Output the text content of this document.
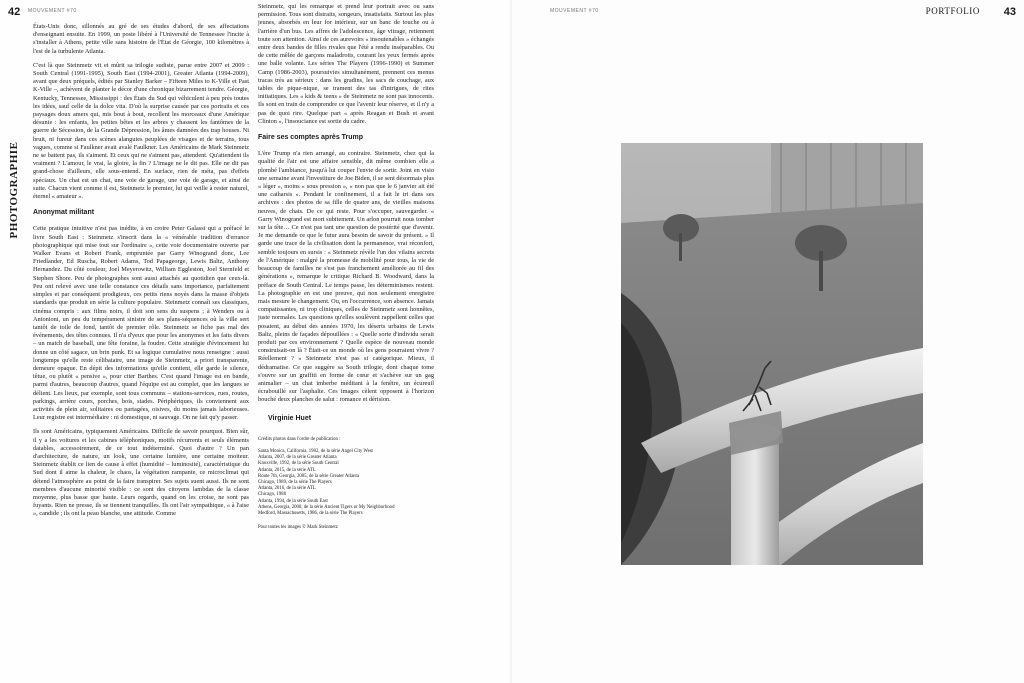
42 MOUVEMENT #70
PHOTOGRAPHIE

États-Unis donc, sillonnés au gré de ses études d'abord, de ses affectations d'enseignant ensuite. En 1999, un poste libéré à l'Université de Tennessee l'incite à s'installer à Athens, petite ville sans histoire de l'État de Géorgie, 100 kilomètres à l'est de la turbulente Atlanta.

C'est là que Steinmetz vit et mûrit sa trilogie sudiste, parue entre 2007 et 2009 : South Central (1991-1995), South East (1994-2001), Greater Atlanta (1994-2009), avant que deux préquels, édités par Stanley Barker – Fifteen Miles to K-Ville et Past K-Ville –, achèvent de planter le décor d'une chronique bizarrement tendre. Géorgie, Kentucky, Tennessee, Mississippi : des États du Sud qui véhiculent à peu près toutes les idées, sauf celle de la dolce vita. D'où la surprise causée par ces portraits et ces paysages doux amers qui, mis bout à bout, recollent les morceaux d'une Amérique désunie : les enfants, les petites bêtes et les arbres y chassent les fantômes de la guerre de Sécession, de la Grande Dépression, les âmes damnées des trap houses. Ni bruit, ni fureur dans ces scènes alanguies peuplées de visages et de terrains, tous vagues, comme si Faulkner avait avalé Faulkner. Les Américains de Mark Steinmetz ne se battent pas, ils s'aiment. Et ceux qui ne s'aiment pas, attendent. Qu'attendent ils vraiment ? L'amour, le vrai, la gloire, la fin ? L'image ne le dit pas. Elle ne dit pas grand-chose d'ailleurs, elle sous-entend. En surface, rien de méta, pas d'effets spéciaux. Un chat est un chat, une voie de garage, une voie de garage, et ainsi de suite. Chacun vient comme il est, Steinmetz le premier, lui qui veille à rester naturel, éternel « amateur ».

Anonymat militant

Cette pratique intuitive n'est pas inédite, à en croire Peter Galassi qui a préfacé le livre South East : Steinmetz s'inscrit dans la « vénérable tradition d'errance photographique qui mise tout sur l'ordinaire », cette voie documentaire ouverte par Walker Evans et Robert Frank, empruntée par Garry Winogrand donc, Lee Friedlander, Ed Ruscha, Robert Adams, Tod Papageorge, Lewis Baltz, Anthony Hernandez. Du côté couleur, Joel Meyerowitz, William Eggleston, Joel Sternfeld et Stephen Shore. Peu de photographes sont aussi attachés au quotidien que ceux-là. Peu ont relevé avec une telle constance ces détails sans importance, parfaitement simples et par conséquent prodigieux, ces petits riens noyés dans la masse d'objets standards que produit en série la culture populaire. Steinmetz connaît ses classiques, cinéma compris : aux films noirs, il doit son sens du suspens ; à Wenders ou à Antonioni, un peu du tempérament sinistre de ses plans-séquences où la ville sert tantôt de toile de fond, tantôt de premier rôle. Steinmetz se fiche pas mal des événements, des têtes connues. Il n'a d'yeux que pour les anonymes et les faits divers – un match de baseball, une fête foraine, la foudre. Cette stratégie d'évincement lui donne un côté sagace, un brin punk. Et sa logique cumulative nous renseigne : aussi longtemps qu'elle reste célibataire, une image de Steinmetz, a priori transparente, demeure opaque. En dépit des informations qu'elle contient, elle garde le silence, têtue, ou plutôt « pensive », pour citer Barthes. C'est quand l'image est en bande, parmi d'autres, beaucoup d'autres, quand l'équipe est au complet, que les langues se délient. Les lieux, par exemple, sont tous communs – stations-services, rues, routes, parkings, arrière cours, porches, bois, stades. Périphériques, ils conviennent aux activités de plein air, solitaires ou partagées, oisives, du moins jamais laborieuses. Leur registre est intermédiaire : ni domestique, ni sauvage. On ne fait qu'y passer.

Ils sont Américains, typiquement Américains. Difficile de savoir pourquoi. Bien sûr, il y a les voitures et les cabines téléphoniques, motifs récurrents et seuls éléments datables, accessoirement, de ce tout indéterminé. Quoi d'autre ? Un pan d'architecture, de nature, un look, une certaine lumière, une certaine moiteur. Steinmetz établit ce lien de cause à effet (humidité – luminosité), caractéristique du Sud dont il aime la chaleur, le chaos, la végétation rampante, ce microclimat qui détend l'atmosphère au point de la faire transpirer. Ses sujets suent aussi. Ils ne sont membres d'aucune minorité visible : ce sont des citoyens lambdas de la classe moyenne, plus basse que haute. Leurs regards, quand on les croise, ne sont pas fuyants. Rien ne presse, ils se tiennent tranquilles. Ils ont l'air sympathique, « à l'aise », candide ; ils ont la peau blanche, une attitude. Comme

Steinmetz, qui les remarque et prend leur portrait avec ou sans permission. Tous sont distraits, songeurs, insatisfaits. Surtout les plus jeunes, absorbés en leur for intérieur, sur un banc de touche ou à l'arrière d'un bus. Les affres de l'adolescence, âge vitrage, retiennent toute son attention. Ainsi de ces aurevoirs « insoutenables » échangés entre deux bandes de filles rivales que l'été a rendu inséparables. Ou de cette mêlée de garçons maladroits, courant les yeux fermés après une balle volante. Les séries The Players (1996-1990) et Summer Camp (1986-2003), poursuivies simultanément, prennent ces menus tracas très au sérieux : dans les gradins, les sacs de couchage, aux tables de pique-nique, se trament des tas d'intrigues, de rites initiatiques. Les « kids & teens » de Steinmetz ne sont pas innocents. Ils sont en train de comprendre ce que l'avenir leur réserve, et il n'y a pas de quoi rire. Quelque part « après Reagan et Bush et avant Clinton », l'insouciance est sortie du cadre.

Faire ses comptes après Trump

L'ère Trump n'a rien arrangé, au contraire. Steinmetz, chez qui la qualité de l'air est une affaire sensible, dit même combien elle a plombé l'ambiance, jusqu'à lui couper l'envie de sortir. Joint en visio une semaine avant l'investiture de Joe Biden, il se sent désormais plus « léger », moins « sous pression », « non pas que le 6 janvier ait été une catharsis ». Pendant le confinement, il a fait le tri dans ses archives : des photos de sa fille de quatre ans, de vieilles maisons neuves, de chats. De ce qui reste. Pour s'occuper, sauvegarder. « Garry Winogrand est mort subitement. Un arlon pourrait nous tomber sur la tête… Ce n'est pas tant une question de postérité que d'avenir. Je me demande ce que le futur aura besoin de savoir du présent. » Il garde une trace de la civilisation dont la permanence, vrai réconfort, semble toujours en sursis : « Steinmetz révèle l'un des vilains secrets de l'Amérique : malgré la promesse de mobilité pour tous, la vie de beaucoup de familles ne s'est pas franchement améliorée au fil des générations », remarque le critique Richard B. Woodward, dans la préface de South Central. Le temps passe, les déterminismes restent. La photographie en est une preuve, qui non seulement enregistre mais mesure le changement. Ou, en l'occurrence, son absence. Jamais compatissantes, ni trop cliniques, celles de Steinmetz sont honnêtes, juste normales. Les questions qu'elles soulèvent rappellent celles que posaient, au début des années 1970, les déserts urbains de Lewis Baltz, pleins de façades dépouillées : « Quelle sorte d'individu serait produit par ces environnement ? Quelle espèce de nouveau monde construisait-on là ? Était-ce un monde où les gens pourraient vivre ? Réellement ? » Steinmetz n'est pas si catégorique. Mieux, il dédramatise. Ce que suggère sa South trilogie, dont chaque tome s'ouvre sur un graffiti en forme de cœur et s'achève sur un gag animalier – un chat imberbe méditant à la fenêtre, un écureuil écrabouillé sur l'asphalte. Ces images cèlent opposent à l'horizon bouché deux planches de salut : romance et dérision.

Virginie Huet
Crédits photos dans l'ordre de publication :
Santa Monica, California, 1982, de la série Angel City West
Atlanta, 2007, de la série Greater Atlanta
Knoxville, 1992, de la série South Central
Atlanta, 2015, de la série ATL
Route 7th, Georgia, 2005, de la série Greater Atlanta
Chicago, 1989, de la série The Players
Atlanta, 2016, de la série ATL
Chicago, 1988
Atlanta, 1994, de la série South East
Athens, Georgia, 2008, de la série Ancient Tigers or My Neighborhood
Medford, Massachusetts, 1986, de la série The Players
Pour toutes les images © Mark Steinmetz
PORTFOLIO 43
MOUVEMENT #70
